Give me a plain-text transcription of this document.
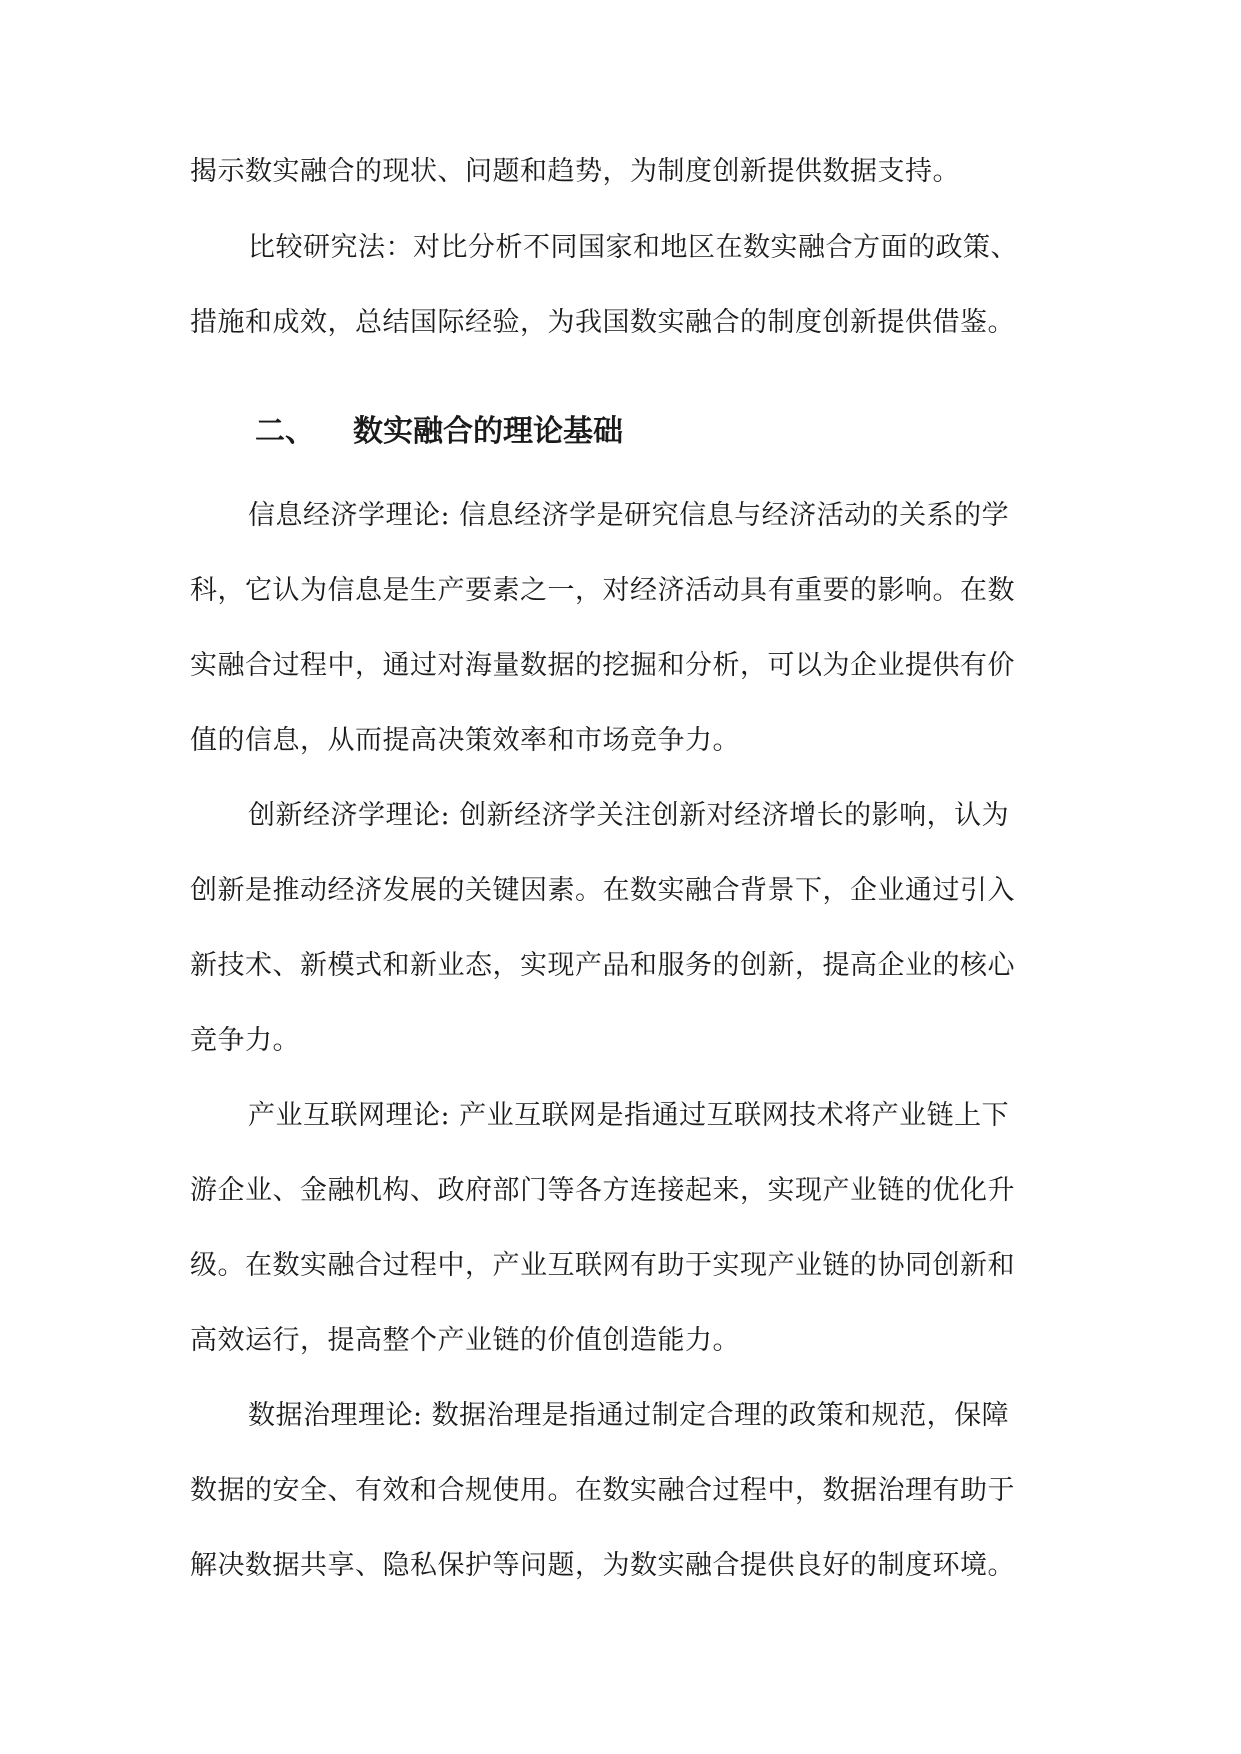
揭示数实融合的现状、问题和趋势，为制度创新提供数据支持。
比较研究法：对比分析不同国家和地区在数实融合方面的政策、
措施和成效，总结国际经验，为我国数实融合的制度创新提供借鉴。
二、 数实融合的理论基础
信息经济学理论: 信息经济学是研究信息与经济活动的关系的学
科，它认为信息是生产要素之一，对经济活动具有重要的影响。在数
实融合过程中，通过对海量数据的挖掘和分析，可以为企业提供有价
值的信息，从而提高决策效率和市场竞争力。
创新经济学理论: 创新经济学关注创新对经济增长的影响，认为
创新是推动经济发展的关键因素。在数实融合背景下，企业通过引入
新技术、新模式和新业态，实现产品和服务的创新，提高企业的核心
竞争力。
产业互联网理论: 产业互联网是指通过互联网技术将产业链上下
游企业、金融机构、政府部门等各方连接起来，实现产业链的优化升
级。在数实融合过程中，产业互联网有助于实现产业链的协同创新和
高效运行，提高整个产业链的价值创造能力。
数据治理理论: 数据治理是指通过制定合理的政策和规范，保障
数据的安全、有效和合规使用。在数实融合过程中，数据治理有助于
解决数据共享、隐私保护等问题，为数实融合提供良好的制度环境。
